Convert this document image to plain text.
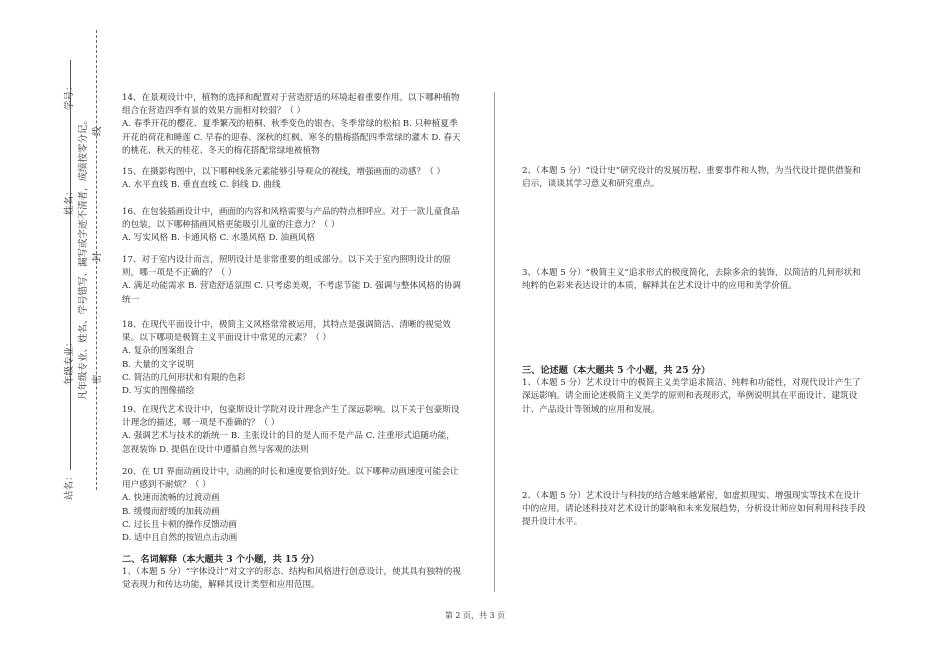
学号：
姓名：
年级专业：
站名：
凡年级专业、姓名、学号错写、漏写或字迹不清者，成绩按零分记。 线
封
密

14、在景观设计中，植物的选择和配置对于营造舒适的环境起着重要作用。以下哪种植物组合在营造四季有景的效果方面相对较弱？（ ）

A. 春季开花的樱花、夏季繁茂的梧桐、秋季变色的银杏、冬季常绿的松柏 B. 只种植夏季开花的荷花和睡莲 C. 早春的迎春、深秋的红枫、寒冬的腊梅搭配四季常绿的灌木 D. 春天的桃花、秋天的桂花、冬天的梅花搭配常绿地被植物

15、在摄影构图中，以下哪种线条元素能够引导观众的视线，增强画面的动感？（ ）

A. 水平直线 B. 垂直直线 C. 斜线 D. 曲线

16、在包装插画设计中，画面的内容和风格需要与产品的特点相呼应。对于一款儿童食品的包装，以下哪种插画风格更能吸引儿童的注意力？（ ）

A. 写实风格 B. 卡通风格 C. 水墨风格 D. 油画风格

17、对于室内设计而言，照明设计是非常重要的组成部分。以下关于室内照明设计的原则，哪一项是不正确的？（ ）

A. 满足功能需求 B. 营造舒适氛围 C. 只考虑美观，不考虑节能 D. 强调与整体风格的协调统一

18、在现代平面设计中，极简主义风格常常被运用，其特点是强调简洁、清晰的视觉效果。以下哪项是极简主义平面设计中常见的元素？（ ）

A. 复杂的图案组合

B. 大量的文字说明

C. 简洁的几何形状和有限的色彩

D. 写实的图像描绘

19、在现代艺术设计中，包豪斯设计学院对设计理念产生了深远影响。以下关于包豪斯设计理念的描述，哪一项是不准确的？（ ）

A. 强调艺术与技术的新统一 B. 主张设计的目的是人而不是产品 C. 注重形式追随功能，忽视装饰 D. 提倡在设计中遵循自然与客观的法则

20、在 UI 界面动画设计中，动画的时长和速度要恰到好处。以下哪种动画速度可能会让用户感到不耐烦？（ ）

A. 快速而流畅的过渡动画

B. 缓慢而舒缓的加载动画

C. 过长且卡顿的操作反馈动画

D. 适中且自然的按钮点击动画

二、名词解释（本大题共 3 个小题，共 15 分）

1、（本题 5 分）“字体设计”对文字的形态、结构和风格进行创意设计，使其具有独特的视觉表现力和传达功能，解释其设计类型和应用范围。

2、（本题 5 分）“设计史”研究设计的发展历程、重要事件和人物，为当代设计提供借鉴和启示，谈谈其学习意义和研究重点。

3、（本题 5 分）“极简主义”追求形式的极度简化，去除多余的装饰，以简洁的几何形状和纯粹的色彩来表达设计的本质，解释其在艺术设计中的应用和美学价值。

三、论述题（本大题共 5 个小题，共 25 分）

1、（本题 5 分）艺术设计中的极简主义美学追求简洁、纯粹和功能性，对现代设计产生了深远影响。请全面论述极简主义美学的原则和表现形式，举例说明其在平面设计、建筑设计、产品设计等领域的应用和发展。

2、（本题 5 分）艺术设计与科技的结合越来越紧密，如虚拟现实、增强现实等技术在设计中的应用。请论述科技对艺术设计的影响和未来发展趋势，分析设计师应如何利用科技手段提升设计水平。

第 2 页，共 3 页
